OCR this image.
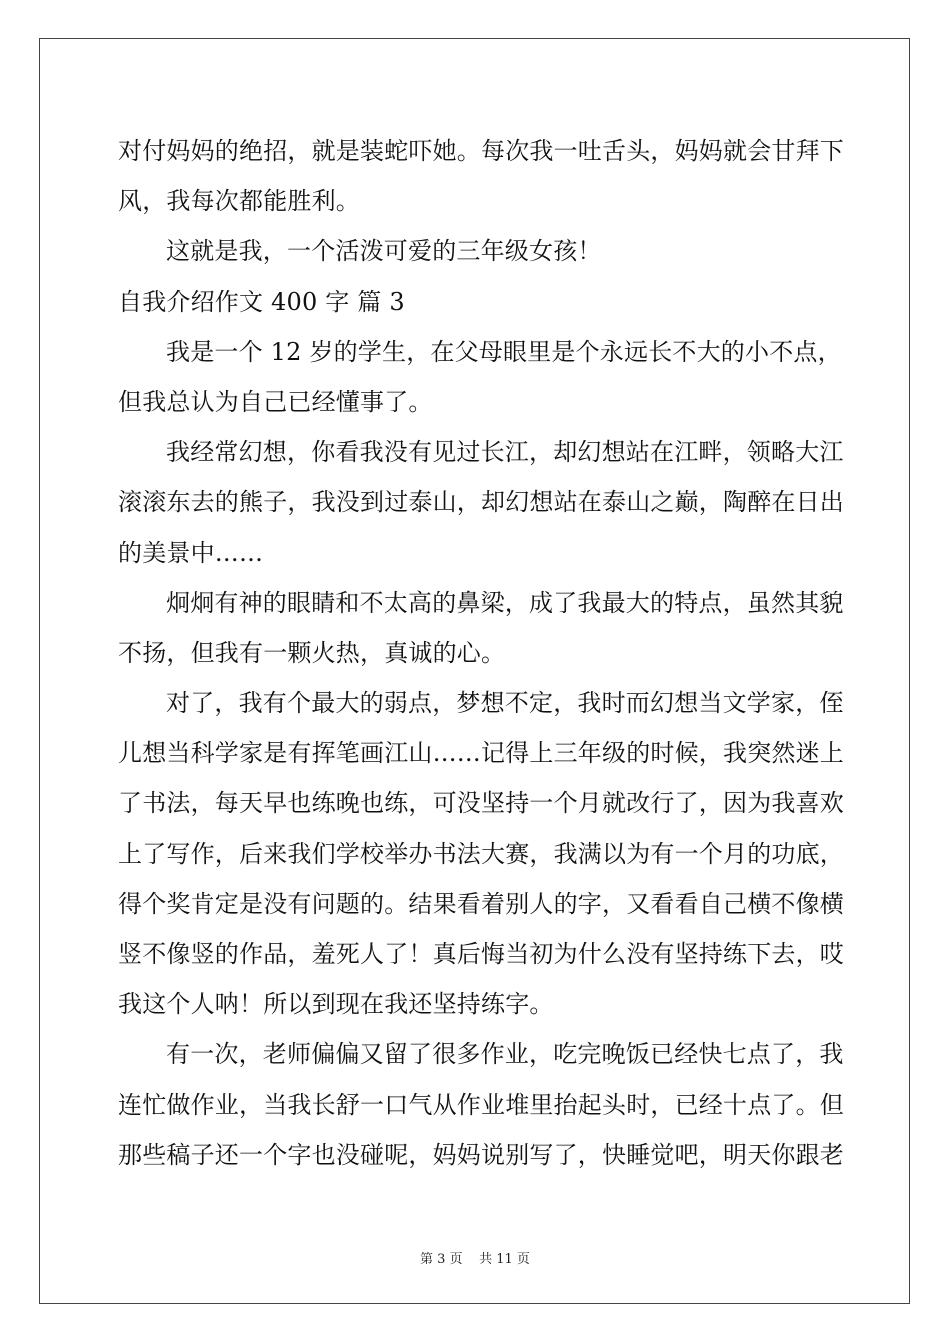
对付妈妈的绝招，就是装蛇吓她。每次我一吐舌头，妈妈就会甘拜下
风，我每次都能胜利。
这就是我，一个活泼可爱的三年级女孩！
自我介绍作文 400 字 篇 3
我是一个 12 岁的学生，在父母眼里是个永远长不大的小不点，
但我总认为自己已经懂事了。
我经常幻想，你看我没有见过长江，却幻想站在江畔，领略大江
滚滚东去的熊子，我没到过泰山，却幻想站在泰山之巅，陶醉在日出
的美景中……
炯炯有神的眼睛和不太高的鼻梁，成了我最大的特点，虽然其貌
不扬，但我有一颗火热，真诚的心。
对了，我有个最大的弱点，梦想不定，我时而幻想当文学家，侄
儿想当科学家是有挥笔画江山……记得上三年级的时候，我突然迷上
了书法，每天早也练晚也练，可没坚持一个月就改行了，因为我喜欢
上了写作，后来我们学校举办书法大赛，我满以为有一个月的功底，
得个奖肯定是没有问题的。结果看着别人的字，又看看自己横不像横
竖不像竖的作品，羞死人了！真后悔当初为什么没有坚持练下去，哎
我这个人呐！所以到现在我还坚持练字。
有一次，老师偏偏又留了很多作业，吃完晚饭已经快七点了，我
连忙做作业，当我长舒一口气从作业堆里抬起头时，已经十点了。但
那些稿子还一个字也没碰呢，妈妈说别写了，快睡觉吧，明天你跟老
第 3 页 共 11 页
